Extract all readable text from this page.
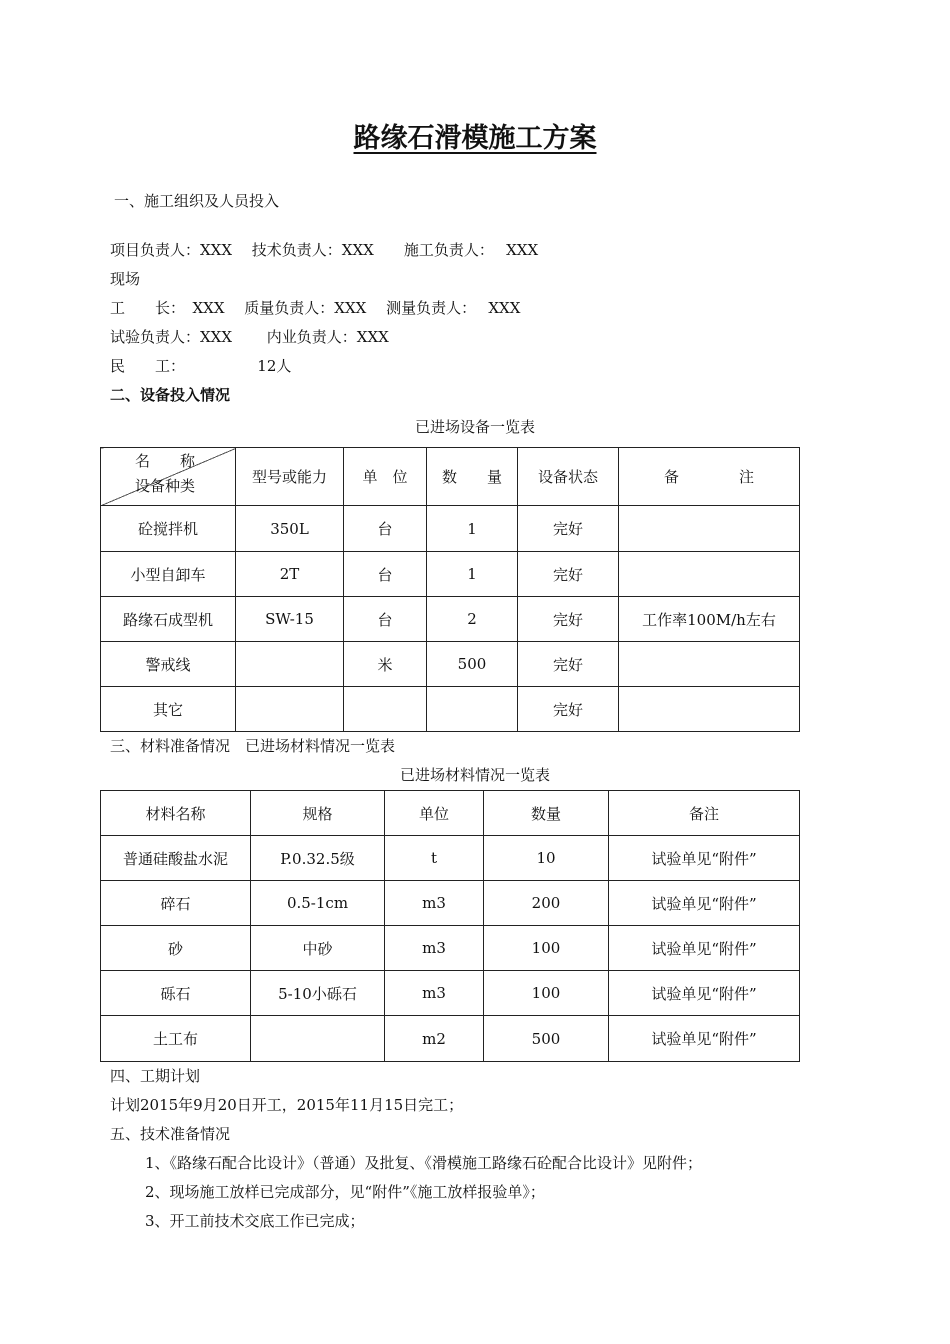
路缘石滑模施工方案
一、施工组织及人员投入
项目负责人：XXX　 技术负责人：XXX　　施工负责人：　 XXX
现场
工　　长：　XXX　 质量负责人：XXX　 测量负责人：　 XXX
试验负责人：XXX　　 内业负责人：XXX
民　　工：　　　　　 12人
二、设备投入情况
已进场设备一览表
名称
设备种类	型号或能力	单　位	数　　量	设备状态	备　　　　注
砼搅拌机	350L	台	1	完好	
小型自卸车	2T	台	1	完好	
路缘石成型机	SW-15	台	2	完好	工作率100M/h左右
警戒线		米	500	完好	
其它				完好	
三、材料准备情况　已进场材料情况一览表
已进场材料情况一览表
材料名称	规格	单位	数量	备注
普通硅酸盐水泥	P.0.32.5级	t	10	试验单见“附件”
碎石	0.5-1cm	m3	200	试验单见“附件”
砂	中砂	m3	100	试验单见“附件”
砾石	5-10小砾石	m3	100	试验单见“附件”
土工布		m2	500	试验单见“附件”
四、工期计划
计划2015年9月20日开工，2015年11月15日完工；
五、技术准备情况
1、《路缘石配合比设计》（普通）及批复、《滑模施工路缘石砼配合比设计》见附件；
2、现场施工放样已完成部分，见“附件”《施工放样报验单》；
3、开工前技术交底工作已完成；
